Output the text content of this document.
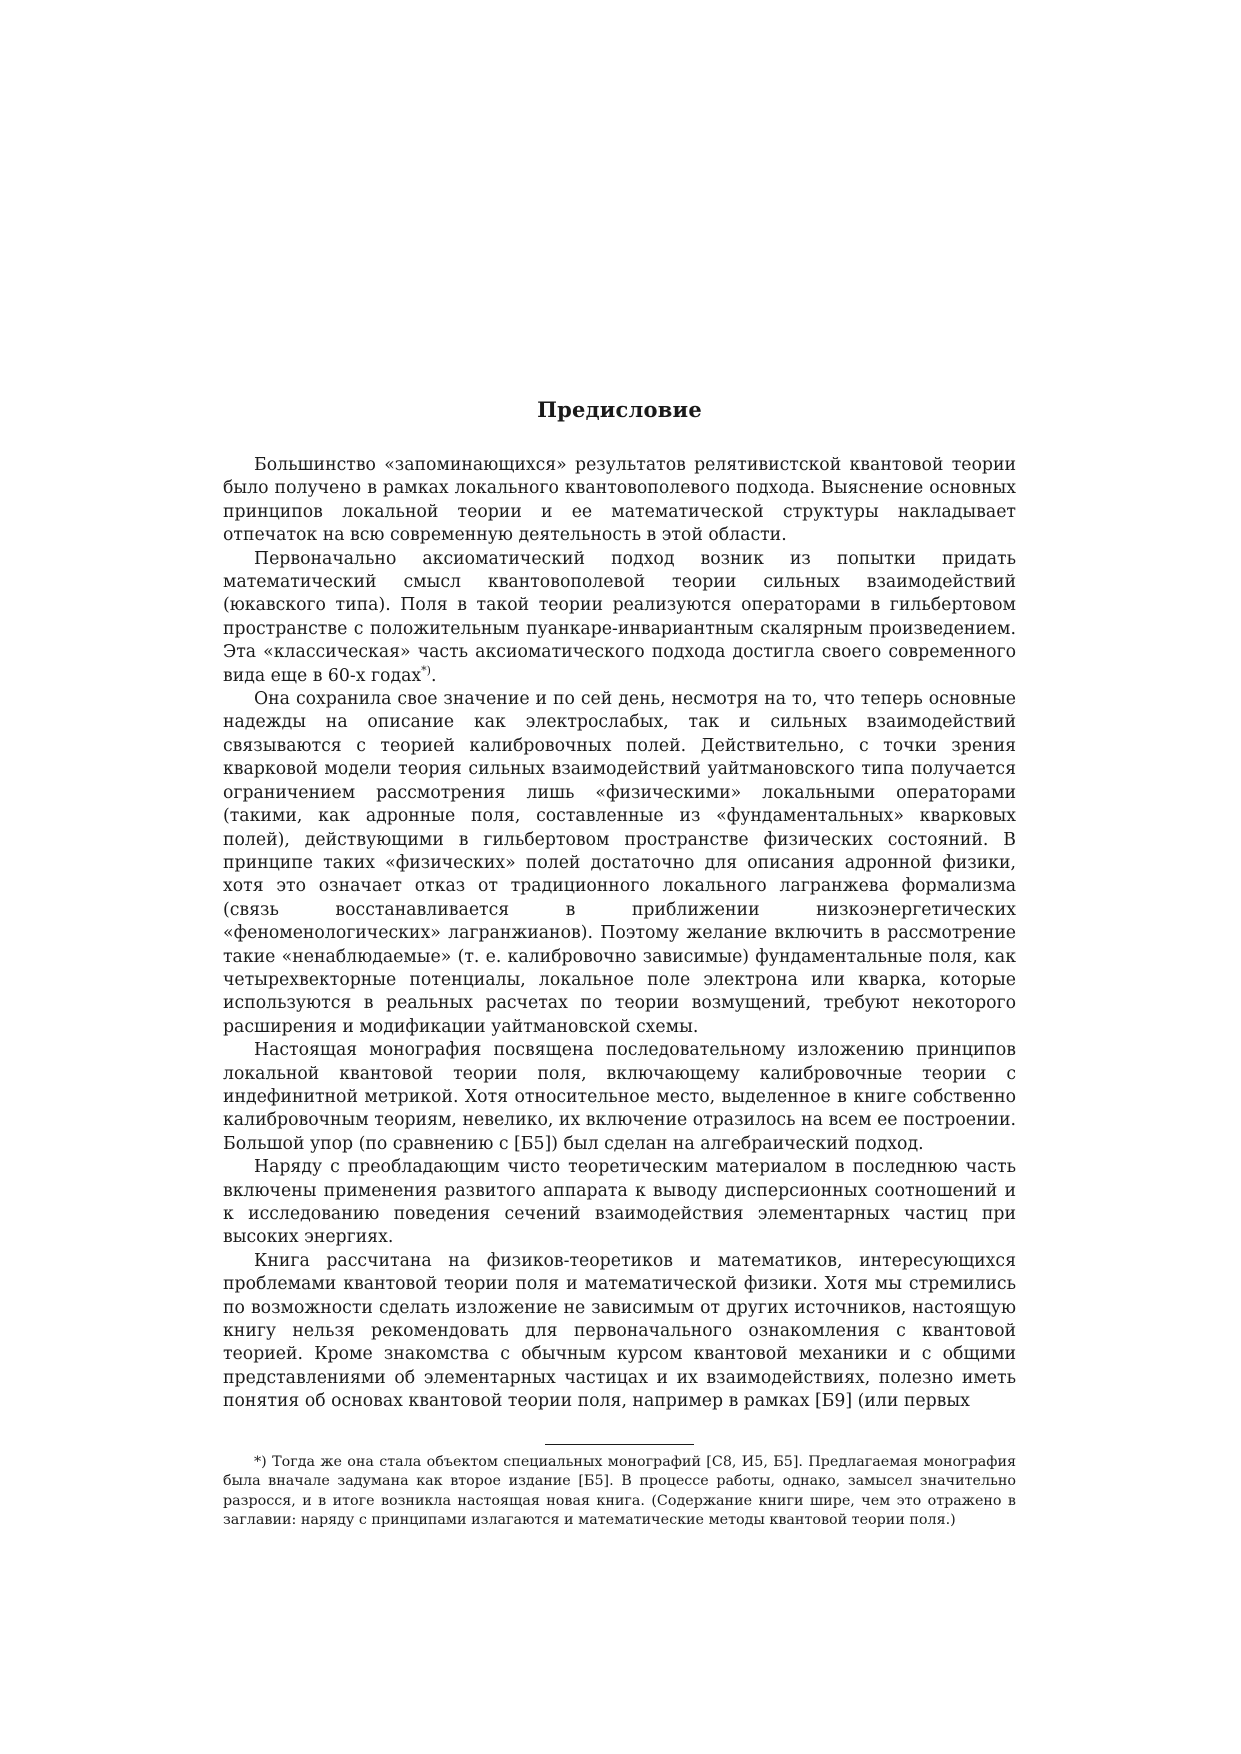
Предисловие

Большинство «запоминающихся» результатов релятивистской квантовой теории было получено в рамках локального квантовополевого подхода. Выяснение основных принципов локальной теории и ее математической структуры накладывает отпечаток на всю современную деятельность в этой области.

Первоначально аксиоматический подход возник из попытки придать математический смысл квантовополевой теории сильных взаимодействий (юкавского типа). Поля в такой теории реализуются операторами в гильбертовом пространстве с положительным пуанкаре-инвариантным скалярным произведением. Эта «классическая» часть аксиоматического подхода достигла своего современного вида еще в 60-х годах*).

Она сохранила свое значение и по сей день, несмотря на то, что теперь основные надежды на описание как электрослабых, так и сильных взаимодействий связываются с теорией калибровочных полей. Действительно, с точки зрения кварковой модели теория сильных взаимодействий уайтмановского типа получается ограничением рассмотрения лишь «физическими» локальными операторами (такими, как адронные поля, составленные из «фундаментальных» кварковых полей), действующими в гильбертовом пространстве физических состояний. В принципе таких «физических» полей достаточно для описания адронной физики, хотя это означает отказ от традиционного локального лагранжева формализма (связь восстанавливается в приближении низкоэнергетических «феноменологических» лагранжианов). Поэтому желание включить в рассмотрение такие «ненаблюдаемые» (т. е. калибровочно зависимые) фундаментальные поля, как четырехвекторные потенциалы, локальное поле электрона или кварка, которые используются в реальных расчетах по теории возмущений, требуют некоторого расширения и модификации уайтмановской схемы.

Настоящая монография посвящена последовательному изложению принципов локальной квантовой теории поля, включающему калибровочные теории с индефинитной метрикой. Хотя относительное место, выделенное в книге собственно калибровочным теориям, невелико, их включение отразилось на всем ее построении. Большой упор (по сравнению с [Б5]) был сделан на алгебраический подход.

Наряду с преобладающим чисто теоретическим материалом в последнюю часть включены применения развитого аппарата к выводу дисперсионных соотношений и к исследованию поведения сечений взаимодействия элементарных частиц при высоких энергиях.

Книга рассчитана на физиков-теоретиков и математиков, интересующихся проблемами квантовой теории поля и математической физики. Хотя мы стремились по возможности сделать изложение не зависимым от других источников, настоящую книгу нельзя рекомендовать для первоначального ознакомления с квантовой теорией. Кроме знакомства с обычным курсом квантовой механики и с общими представлениями об элементарных частицах и их взаимодействиях, полезно иметь понятия об основах квантовой теории поля, например в рамках [Б9] (или первых

*) Тогда же она стала объектом специальных монографий [С8, И5, Б5]. Предлагаемая монография была вначале задумана как второе издание [Б5]. В процессе работы, однако, замысел значительно разросся, и в итоге возникла настоящая новая книга. (Содержание книги шире, чем это отражено в заглавии: наряду с принципами излагаются и математические методы квантовой теории поля.)
